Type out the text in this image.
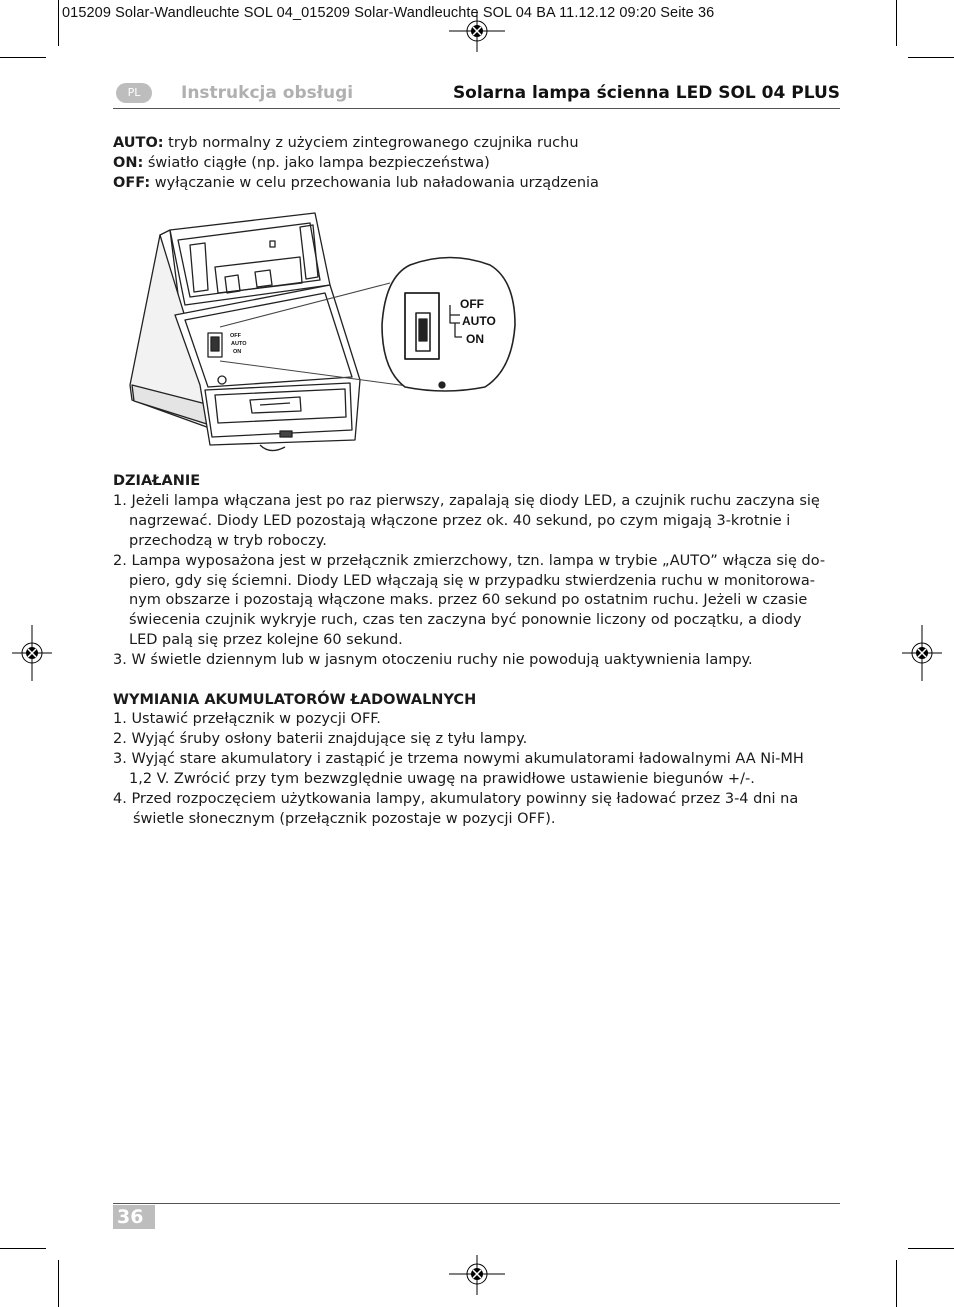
015209 Solar-Wandleuchte SOL 04_015209 Solar-Wandleuchte SOL 04 BA 11.12.12 09:20 Seite 36
PL	Instrukcja obsługi	Solarna lampa ścienna LED SOL 04 PLUS
AUTO: tryb normalny z użyciem zintegrowanego czujnika ruchu
ON: światło ciągłe (np. jako lampa bezpieczeństwa)
OFF: wyłączanie w celu przechowania lub naładowania urządzenia
OFF
AUTO
ON
OFF
AUTO
ON
DZIAŁANIE
1. Jeżeli lampa włączana jest po raz pierwszy, zapalają się diody LED, a czujnik ruchu zaczyna się
nagrzewać. Diody LED pozostają włączone przez ok. 40 sekund, po czym migają 3-krotnie i
przechodzą w tryb roboczy.
2. Lampa wyposażona jest w przełącznik zmierzchowy, tzn. lampa w trybie „AUTO” włącza się do-
piero, gdy się ściemni. Diody LED włączają się w przypadku stwierdzenia ruchu w monitorowa-
nym obszarze i pozostają włączone maks. przez 60 sekund po ostatnim ruchu. Jeżeli w czasie
świecenia czujnik wykryje ruch, czas ten zaczyna być ponownie liczony od początku, a diody
LED palą się przez kolejne 60 sekund.
3. W świetle dziennym lub w jasnym otoczeniu ruchy nie powodują uaktywnienia lampy.
WYMIANIA AKUMULATORÓW ŁADOWALNYCH
1. Ustawić przełącznik w pozycji OFF.
2. Wyjąć śruby osłony baterii znajdujące się z tyłu lampy.
3. Wyjąć stare akumulatory i zastąpić je trzema nowymi akumulatorami ładowalnymi AA Ni-MH
1,2 V. Zwrócić przy tym bezwzględnie uwagę na prawidłowe ustawienie biegunów +/-.
4. Przed rozpoczęciem użytkowania lampy, akumulatory powinny się ładować przez 3-4 dni na
świetle słonecznym (przełącznik pozostaje w pozycji OFF).
36
